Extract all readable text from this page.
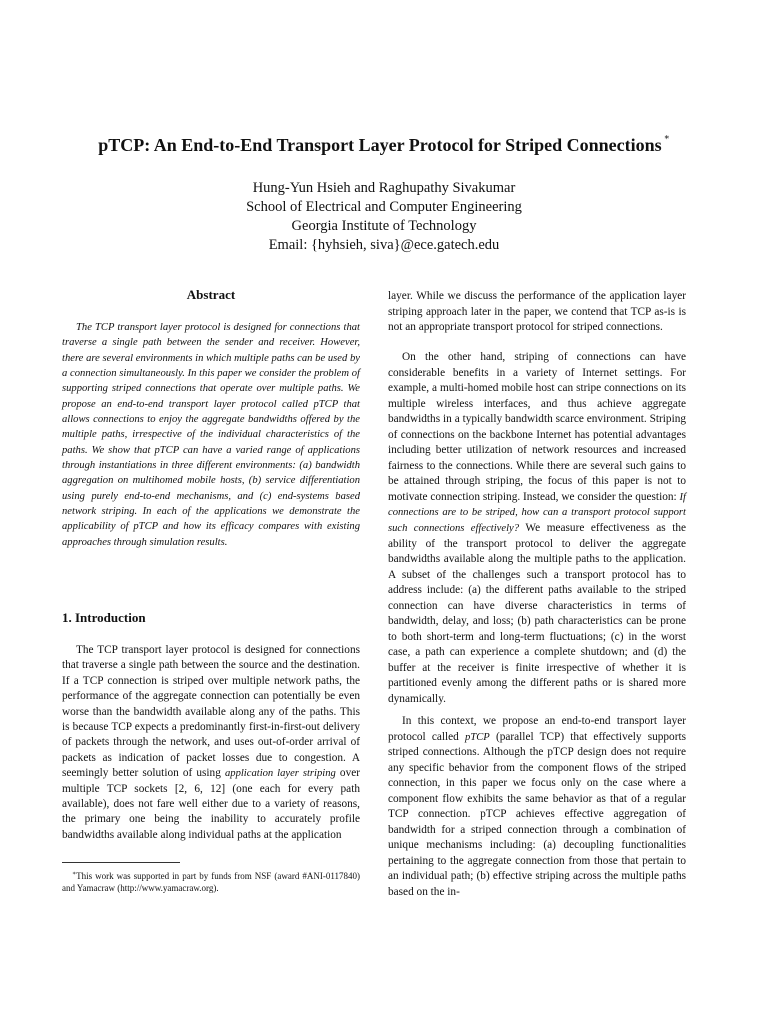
pTCP: An End-to-End Transport Layer Protocol for Striped Connections ∗
Hung-Yun Hsieh and Raghupathy Sivakumar
School of Electrical and Computer Engineering
Georgia Institute of Technology
Email: {hyhsieh, siva}@ece.gatech.edu
Abstract

The TCP transport layer protocol is designed for connections that traverse a single path between the sender and receiver. However, there are several environments in which multiple paths can be used by a connection simultaneously. In this paper we consider the problem of supporting striped connections that operate over multiple paths. We propose an end-to-end transport layer protocol called pTCP that allows connections to enjoy the aggregate bandwidths offered by the multiple paths, irrespective of the individual characteristics of the paths. We show that pTCP can have a varied range of applications through instantiations in three different environments: (a) bandwidth aggregation on multihomed mobile hosts, (b) service differentiation using purely end-to-end mechanisms, and (c) end-systems based network striping. In each of the applications we demonstrate the applicability of pTCP and how its efficacy compares with existing approaches through simulation results.

1. Introduction

The TCP transport layer protocol is designed for connections that traverse a single path between the source and the destination. If a TCP connection is striped over multiple network paths, the performance of the aggregate connection can potentially be even worse than the bandwidth available along any of the paths. This is because TCP expects a predominantly first-in-first-out delivery of packets through the network, and uses out-of-order arrival of packets as indication of packet losses due to congestion. A seemingly better solution of using application layer striping over multiple TCP sockets [2, 6, 12] (one each for every path available), does not fare well either due to a variety of reasons, the primary one being the inability to accurately profile bandwidths available along individual paths at the application

∗This work was supported in part by funds from NSF (award #ANI-0117840) and Yamacraw (http://www.yamacraw.org).

layer. While we discuss the performance of the application layer striping approach later in the paper, we contend that TCP as-is is not an appropriate transport protocol for striped connections.

On the other hand, striping of connections can have considerable benefits in a variety of Internet settings. For example, a multi-homed mobile host can stripe connections on its multiple wireless interfaces, and thus achieve aggregate bandwidths in a typically bandwidth scarce environment. Striping of connections on the backbone Internet has potential advantages including better utilization of network resources and increased fairness to the connections. While there are several such gains to be attained through striping, the focus of this paper is not to motivate connection striping. Instead, we consider the question: If connections are to be striped, how can a transport protocol support such connections effectively? We measure effectiveness as the ability of the transport protocol to deliver the aggregate bandwidths available along the multiple paths to the application. A subset of the challenges such a transport protocol has to address include: (a) the different paths available to the striped connection can have diverse characteristics in terms of bandwidth, delay, and loss; (b) path characteristics can be prone to both short-term and long-term fluctuations; (c) in the worst case, a path can experience a complete shutdown; and (d) the buffer at the receiver is finite irrespective of whether it is partitioned evenly among the different paths or is shared more dynamically.

In this context, we propose an end-to-end transport layer protocol called pTCP (parallel TCP) that effectively supports striped connections. Although the pTCP design does not require any specific behavior from the component flows of the striped connection, in this paper we focus only on the case where a component flow exhibits the same behavior as that of a regular TCP connection. pTCP achieves effective aggregation of bandwidth for a striped connection through a combination of unique mechanisms including: (a) decoupling functionalities pertaining to the aggregate connection from those that pertain to an individual path; (b) effective striping across the multiple paths based on the in-
